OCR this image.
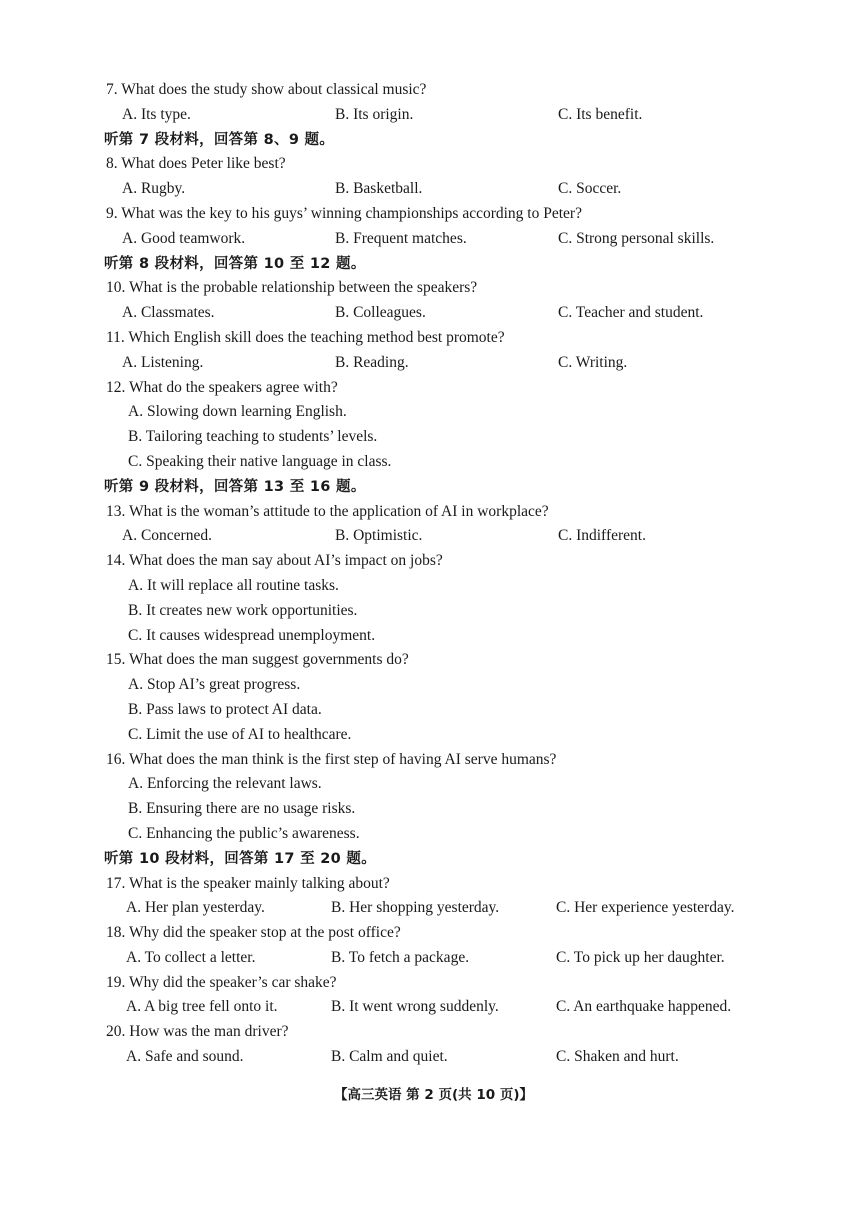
7. What does the study show about classical music?
A. Its type.	B. Its origin.	C. Its benefit.
听第 7 段材料，回答第 8、9 题。
8. What does Peter like best?
A. Rugby.	B. Basketball.	C. Soccer.
9. What was the key to his guys’ winning championships according to Peter?
A. Good teamwork.	B. Frequent matches.	C. Strong personal skills.
听第 8 段材料，回答第 10 至 12 题。
10. What is the probable relationship between the speakers?
A. Classmates.	B. Colleagues.	C. Teacher and student.
11. Which English skill does the teaching method best promote?
A. Listening.	B. Reading.	C. Writing.
12. What do the speakers agree with?
A. Slowing down learning English.
B. Tailoring teaching to students’ levels.
C. Speaking their native language in class.
听第 9 段材料，回答第 13 至 16 题。
13. What is the woman’s attitude to the application of AI in workplace?
A. Concerned.	B. Optimistic.	C. Indifferent.
14. What does the man say about AI’s impact on jobs?
A. It will replace all routine tasks.
B. It creates new work opportunities.
C. It causes widespread unemployment.
15. What does the man suggest governments do?
A. Stop AI’s great progress.
B. Pass laws to protect AI data.
C. Limit the use of AI to healthcare.
16. What does the man think is the first step of having AI serve humans?
A. Enforcing the relevant laws.
B. Ensuring there are no usage risks.
C. Enhancing the public’s awareness.
听第 10 段材料，回答第 17 至 20 题。
17. What is the speaker mainly talking about?
A. Her plan yesterday.	B. Her shopping yesterday.	C. Her experience yesterday.
18. Why did the speaker stop at the post office?
A. To collect a letter.	B. To fetch a package.	C. To pick up her daughter.
19. Why did the speaker’s car shake?
A. A big tree fell onto it.	B. It went wrong suddenly.	C. An earthquake happened.
20. How was the man driver?
A. Safe and sound.	B. Calm and quiet.	C. Shaken and hurt.
【高三英语 第 2 页(共 10 页)】
